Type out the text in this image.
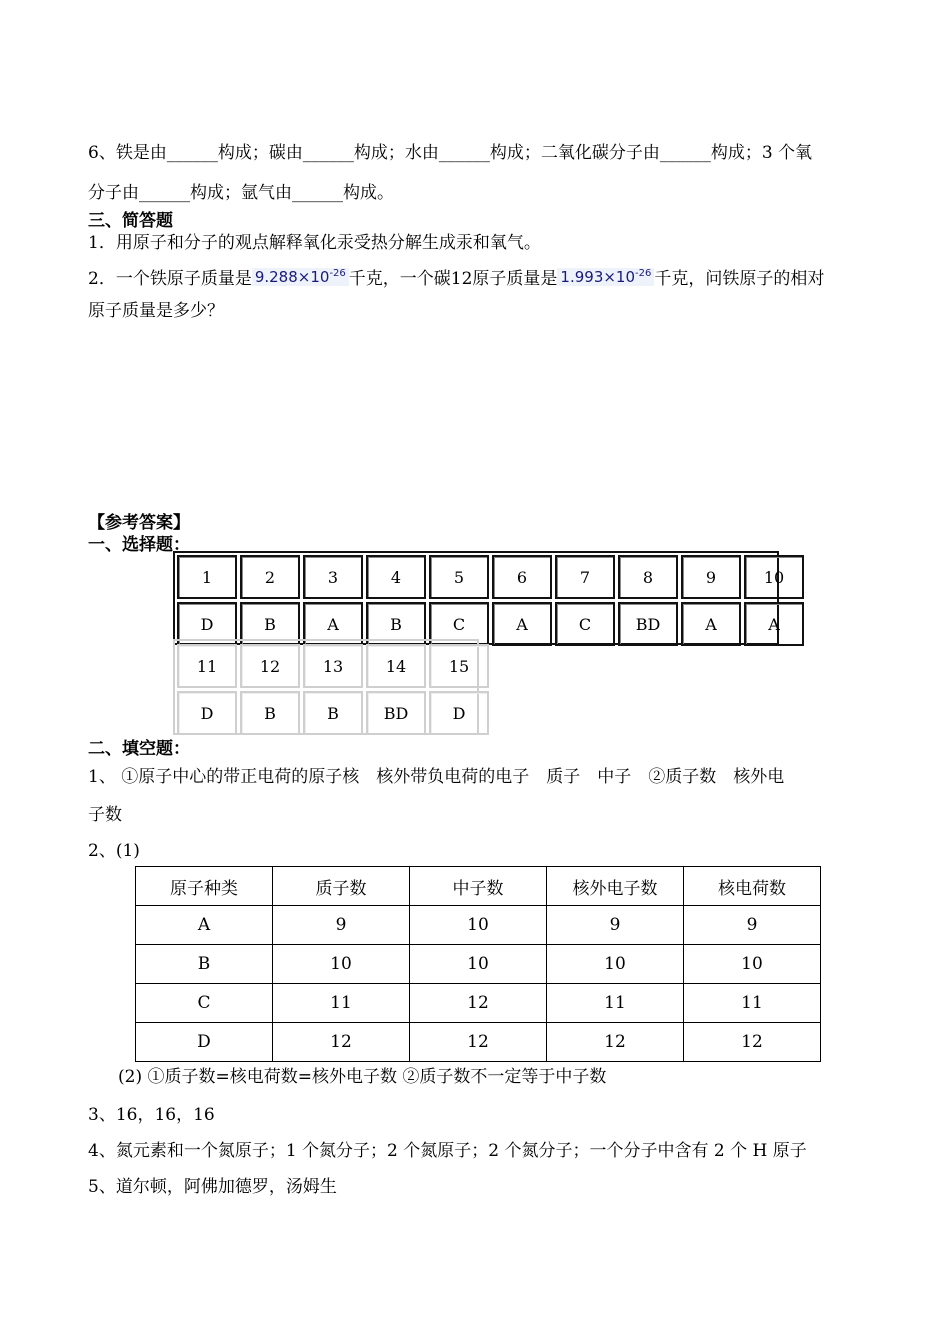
6、铁是由______构成；碳由______构成；水由______构成；二氧化碳分子由______构成；3 个氧
分子由______构成；氩气由______构成。
三、简答题
1．用原子和分子的观点解释氧化汞受热分解生成汞和氧气。
2．一个铁原子质量是 $9.288\times 10^{-26}$ 千克，一个碳12原子质量是 $1.993\times 10^{-26}$ 千克，问铁原子的相对
原子质量是多少？
【参考答案】
一、选择题：
1	2	3	4	5	6	7	8	9	10
D	B	A	B	C	A	C	BD	A	A
11	12	13	14	15
D	B	B	BD	D
二、填空题：
1、 ①原子中心的带正电荷的原子核　核外带负电荷的电子　质子　中子　②质子数　核外电
子数
2、(1)
原子种类	质子数	中子数	核外电子数	核电荷数
A	9	10	9	9
B	10	10	10	10
C	11	12	11	11
D	12	12	12	12
(2) ①质子数=核电荷数=核外电子数 ②质子数不一定等于中子数
3、16，16，16
4、氮元素和一个氮原子；1 个氮分子；2 个氮原子；2 个氮分子；一个分子中含有 2 个 H 原子
5、道尔顿，阿佛加德罗，汤姆生
